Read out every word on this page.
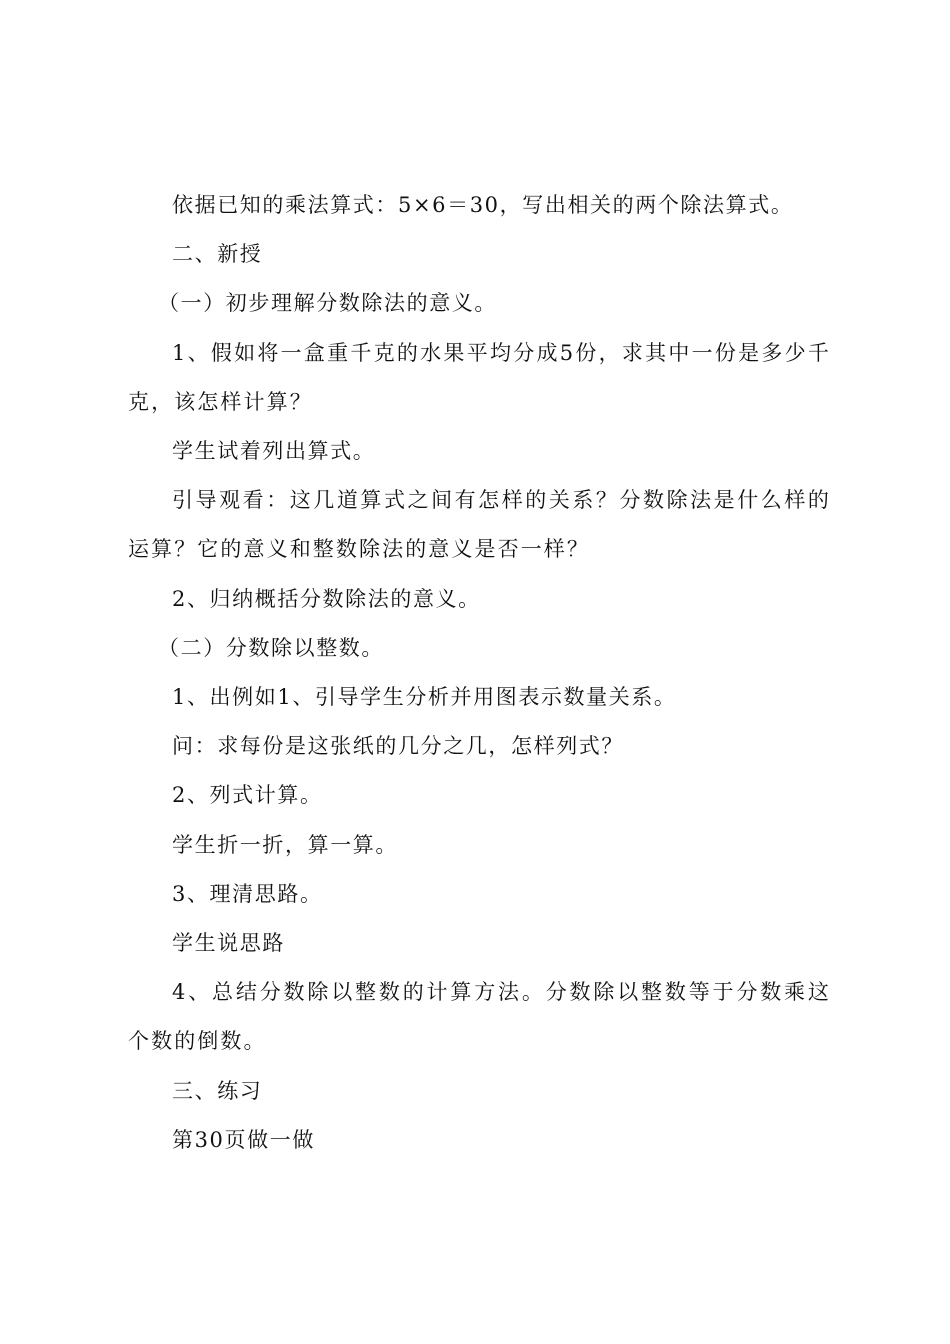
依据已知的乘法算式：5×6＝30，写出相关的两个除法算式。

二、新授

（一）初步理解分数除法的意义。

1、假如将一盒重千克的水果平均分成5份，求其中一份是多少千克，该怎样计算？

学生试着列出算式。

引导观看：这几道算式之间有怎样的关系？分数除法是什么样的运算？它的意义和整数除法的意义是否一样？

2、归纳概括分数除法的意义。

（二）分数除以整数。

1、出例如1、引导学生分析并用图表示数量关系。

问：求每份是这张纸的几分之几，怎样列式？

2、列式计算。

学生折一折，算一算。

3、理清思路。

学生说思路

4、总结分数除以整数的计算方法。分数除以整数等于分数乘这个数的倒数。

三、练习

第30页做一做
